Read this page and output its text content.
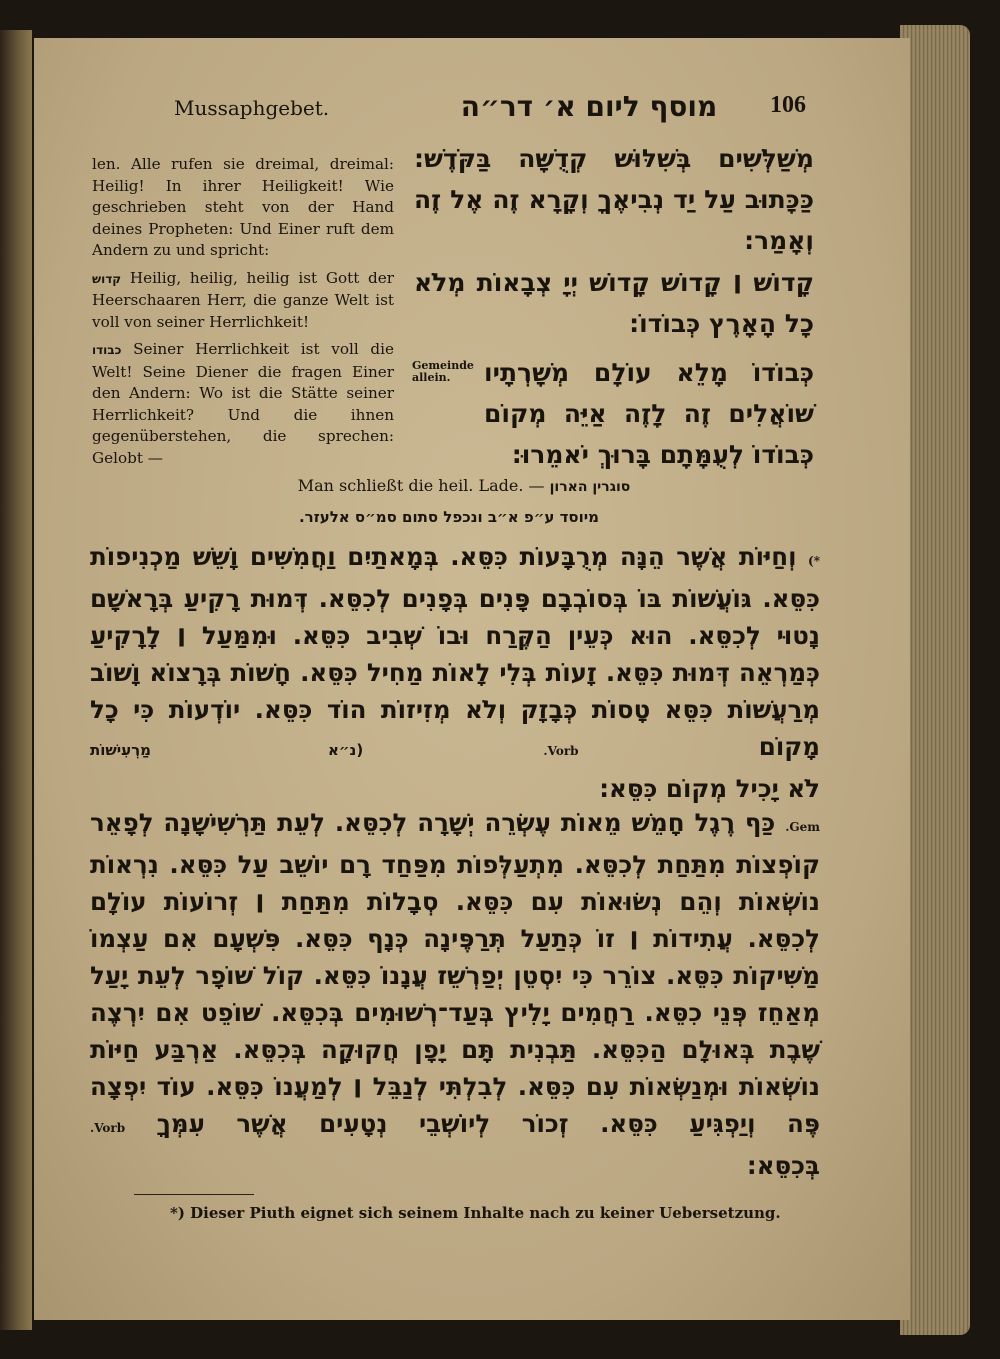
Mussaphgebet.	מוסף ליום א׳ דר״ה 106

len. Alle rufen sie dreimal, dreimal: Heilig! In ihrer Heiligkeit! Wie geschrieben steht von der Hand deines Propheten: Und Einer ruft dem Andern zu und spricht:

קדוש Heilig, heilig, heilig ist Gott der Heerschaaren Herr, die ganze Welt ist voll von seiner Herrlichkeit!

כבודו Seiner Herrlichkeit ist voll die Welt! Seine Diener die fragen Einer den Andern: Wo ist die Stätte seiner Herrlichkeit? Und die ihnen gegenüberstehen, die sprechen: Gelobt —

מְשַׁלְּשִׁים בְּשִׁלּוּשׁ קְדֻשָּׁה בַּקֹּדֶשׁ: כַּכָּתוּב עַל יַד נְבִיאֶךָ וְקָרָא זֶה אֶל זֶה וְאָמַר:
קָדוֹשׁ ׀ קָדוֹשׁ קָדוֹשׁ יְיָ צְבָאוֹת מְלֹא כָל הָאָרֶץ כְּבוֹדוֹ:
כְּבוֹדוֹ מָלֵא עוֹלָם מְשָׁרְתָיו שׁוֹאֲלִים זֶה לָזֶה אַיֵּה מְקוֹם כְּבוֹדוֹ לְעֻמָּתָם בָּרוּךְ יֹאמֵרוּ:
Gemeinde allein.
Man schließt die heil. Lade. — סוגרין הארון
מיוסד ע״פ א״ב ונכפל סתום סמ״ס אלעזר.

*) וְחַיּוֹת אֲשֶׁר הֵנָּה מְרֻבָּעוֹת כִּסֵּא. בְּמָאתַיִם וַחֲמִשִּׁים וָשֵׁשׁ מַכְנִיפוֹת כִּסֵּא. גּוֹעֲשׁוֹת בּוֹ בְּסוֹבְבָם פָּנִים בְּפָנִים לְכִסֵּא. דְּמוּת רָקִיעַ בְּרָאשָׁם נָטוּי לְכִסֵּא. הוּא כְּעֵין הַקֶּרַח וּבוֹ שְׁבִיב כִּסֵּא. וּמִמַּעַל ׀ לָרָקִיעַ כְּמַרְאֵה דְּמוּת כִּסֵּא. זָעוֹת בְּלִי לָאוֹת מַחִיל כִּסֵּא. חָשׁוֹת בְּרָצוֹא וָשׁוֹב מְרַעֲשׁוֹת כִּסֵּא טָסוֹת כְּבָזָק וְלֹא מְזִיזוֹת הוֹד כִּסֵּא. יוֹדְעוֹת כִּי כָל מָקוֹם Vorb. (נ״א מַרְעִישׁוֹת

לֹא יָכִיל מְקוֹם כִּסֵּא:

Gem. כַּף רֶגֶל חָמֵשׁ מֵאוֹת עֶשְׂרֵה יְשָׁרָה לְכִסֵּא. לְעֵת תַּרְשִׁישָׁנָה לְפָאֵר קוֹפְצוֹת מִתַּחַת לְכִסֵּא. מִתְעַלְּפוֹת מִפַּחַד רָם יוֹשֵׁב עַל כִּסֵּא. נִרְאוֹת נוֹשְׂאוֹת וְהֵם נְשׂוּאוֹת עִם כִּסֵּא. סְבָלוֹת מִתַּחַת ׀ זְרוֹעוֹת עוֹלָם לְכִסֵּא. עֲתִידוֹת ׀ זוֹ כְּתַעַל תְּרַפֶּינָה כְּנָף כִּסֵּא. פִּשְׁעָם אִם עַצְמוֹ מַשִּׁיקוֹת כִּסֵּא. צוֹרֵר כִּי יִסְטֵן יְפַרְשֵׁז עֲנָנוֹ כִּסֵּא. קוֹל שׁוֹפָר לְעֵת יָעַל מְאַחֵז פְּנֵי כִסֵּא. רַחֲמִים יָלִיץ בְּעַד־רְשׁוּמִים בְּכִסֵּא. שׁוֹפֵט אִם יִרְצֶה שֶׁבֶת בְּאוּלָם הַכִּסֵּא. תַּבְנִית תָּם יָפָן חֲקוּקָה בְּכִסֵּא. אַרְבַּע חַיּוֹת נוֹשְׂאוֹת וּמְנַשְּׂאוֹת עִם כִּסֵּא. לְבִלְתִּי לְנַבֵּל ׀ לְמַעֲנוֹ כִּסֵּא. עוֹד יִפְצָה פֶּה וְיַפְגִּיעַ כִּסֵּא. זְכוֹר לְיוֹשְׁבֵי נְטָעִים אֲשֶׁר עִמְּךָ Vorb.

בְּכִסֵּא:

*) Dieser Piuth eignet sich seinem Inhalte nach zu keiner Uebersetzung.
